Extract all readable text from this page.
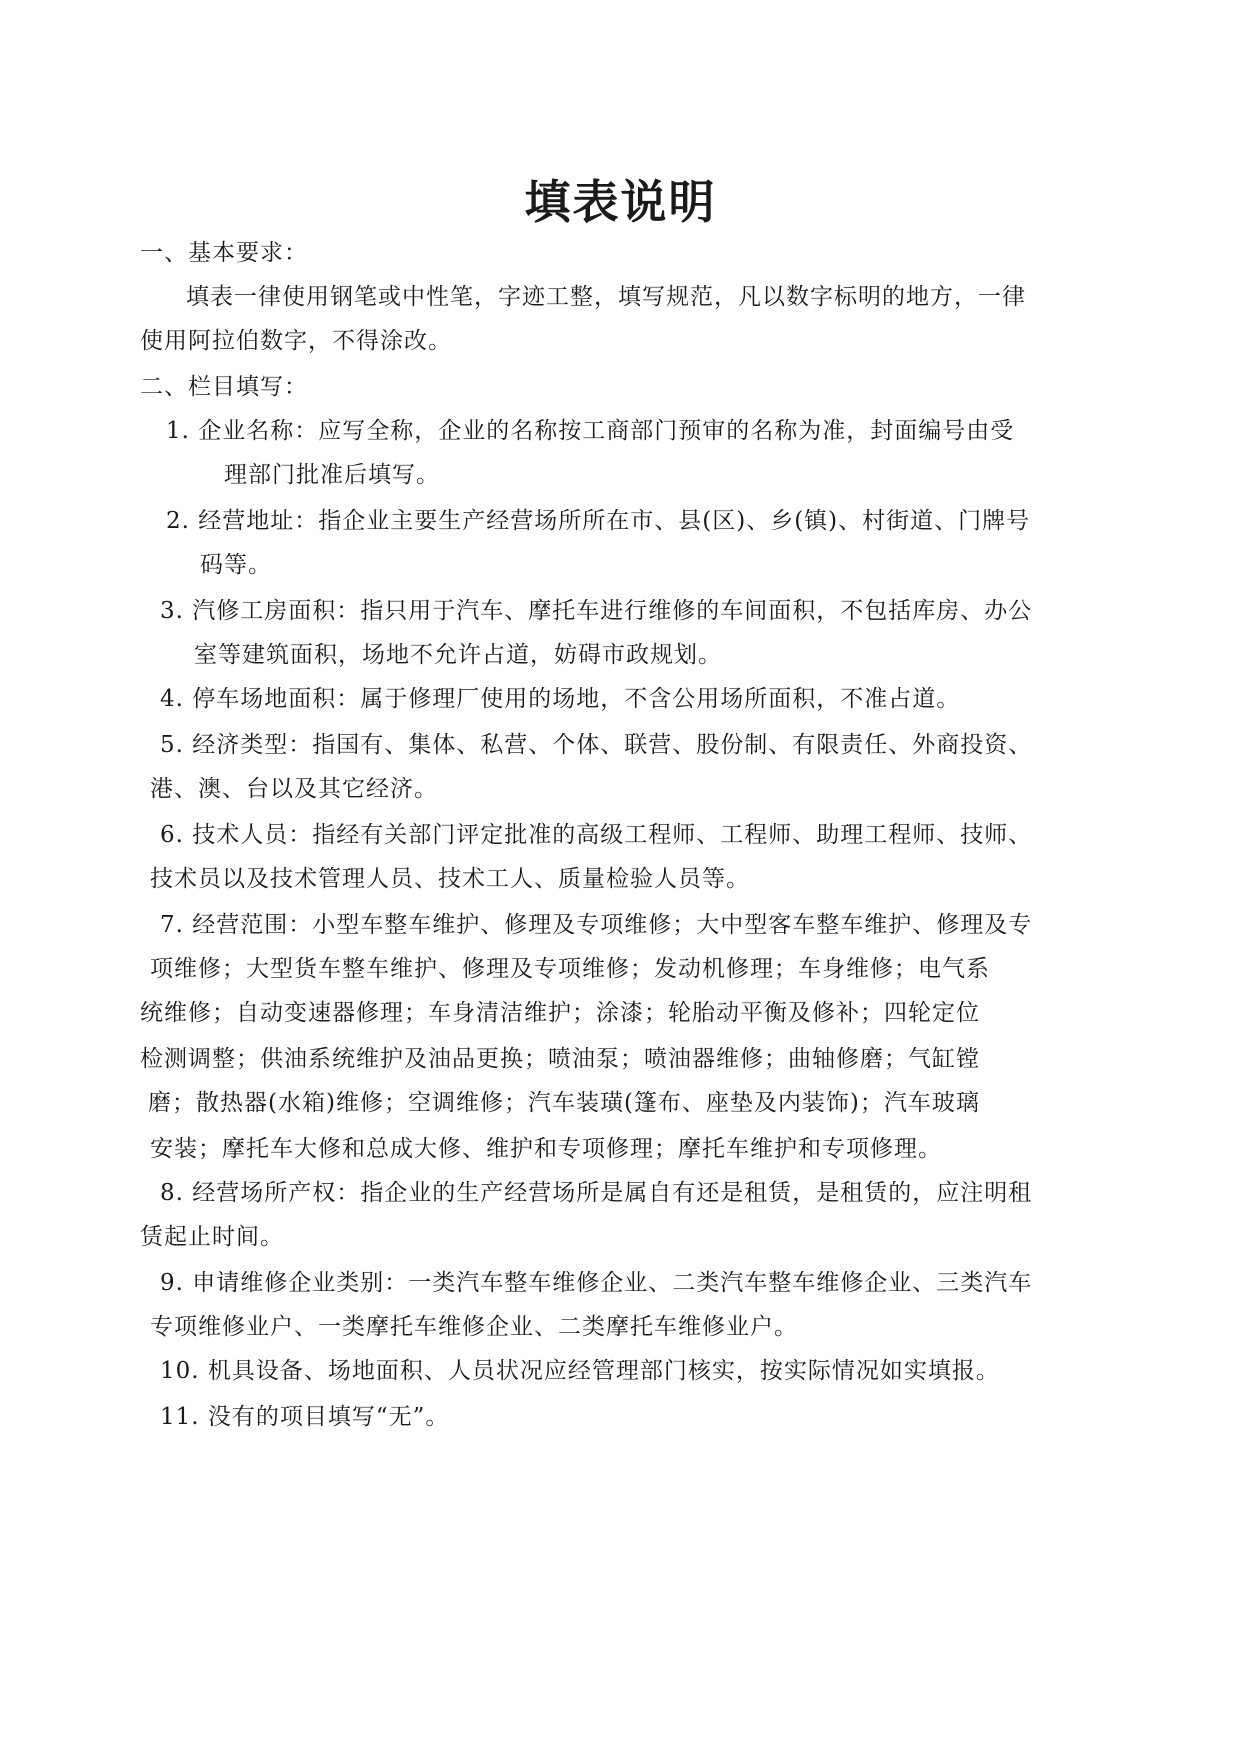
填表说明
一、基本要求：
填表一律使用钢笔或中性笔，字迹工整，填写规范，凡以数字标明的地方，一律
使用阿拉伯数字，不得涂改。
二、栏目填写：
1. 企业名称：应写全称，企业的名称按工商部门预审的名称为准，封面编号由受
理部门批准后填写。
2. 经营地址：指企业主要生产经营场所所在市、县(区)、乡(镇)、村街道、门牌号
码等。
3. 汽修工房面积：指只用于汽车、摩托车进行维修的车间面积，不包括库房、办公
室等建筑面积，场地不允许占道，妨碍市政规划。
4. 停车场地面积：属于修理厂使用的场地，不含公用场所面积，不准占道。
5. 经济类型：指国有、集体、私营、个体、联营、股份制、有限责任、外商投资、
港、澳、台以及其它经济。
6. 技术人员：指经有关部门评定批准的高级工程师、工程师、助理工程师、技师、
技术员以及技术管理人员、技术工人、质量检验人员等。
7. 经营范围：小型车整车维护、修理及专项维修；大中型客车整车维护、修理及专
项维修；大型货车整车维护、修理及专项维修；发动机修理；车身维修；电气系
统维修；自动变速器修理；车身清洁维护；涂漆；轮胎动平衡及修补；四轮定位
检测调整；供油系统维护及油品更换；喷油泵；喷油器维修；曲轴修磨；气缸镗
磨；散热器(水箱)维修；空调维修；汽车装璜(篷布、座垫及内装饰)；汽车玻璃
安装；摩托车大修和总成大修、维护和专项修理；摩托车维护和专项修理。
8. 经营场所产权：指企业的生产经营场所是属自有还是租赁，是租赁的，应注明租
赁起止时间。
9. 申请维修企业类别：一类汽车整车维修企业、二类汽车整车维修企业、三类汽车
专项维修业户、一类摩托车维修企业、二类摩托车维修业户。
10. 机具设备、场地面积、人员状况应经管理部门核实，按实际情况如实填报。
11. 没有的项目填写“无”。
